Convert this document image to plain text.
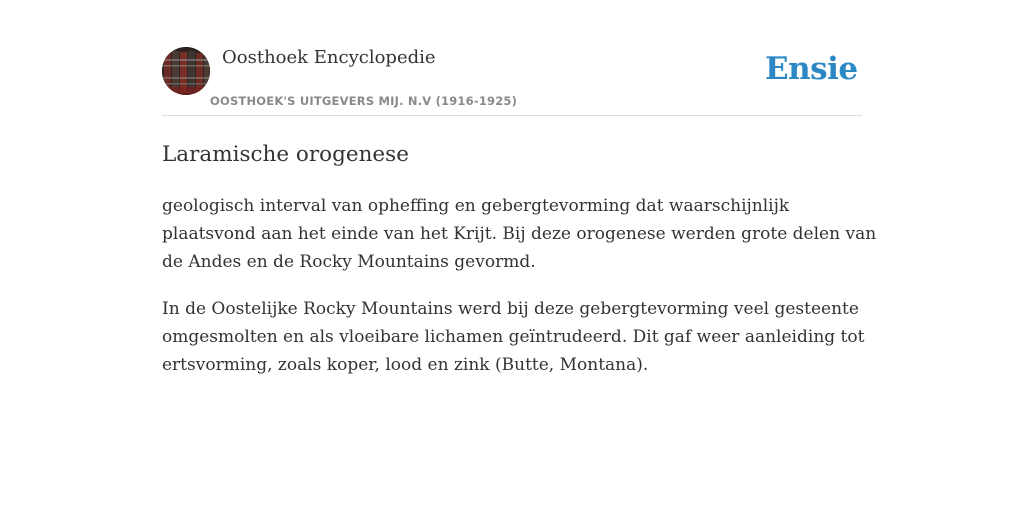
Oosthoek Encyclopedie
OOSTHOEK'S UITGEVERS MIJ. N.V (1916-1925)
Ensie
Laramische orogenese

geologisch interval van opheffing en gebergtevorming dat waarschijnlijk
plaatsvond aan het einde van het Krijt. Bij deze orogenese werden grote delen van
de Andes en de Rocky Mountains gevormd.

In de Oostelijke Rocky Mountains werd bij deze gebergtevorming veel gesteente
omgesmolten en als vloeibare lichamen geïntrudeerd. Dit gaf weer aanleiding tot
ertsvorming, zoals koper, lood en zink (Butte, Montana).
